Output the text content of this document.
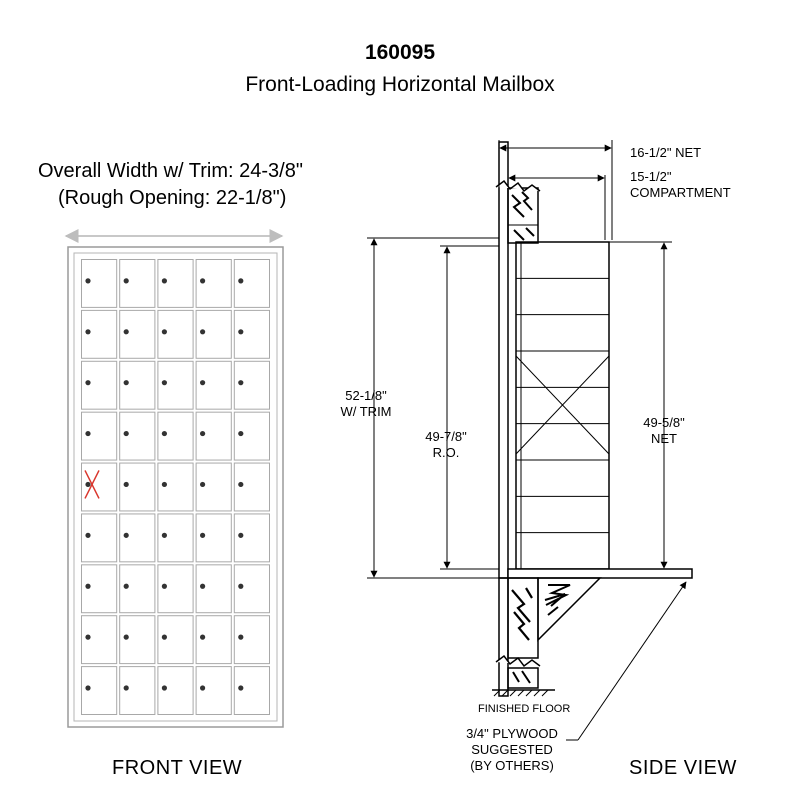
160095
Front-Loading Horizontal Mailbox
Overall Width w/ Trim: 24-3/8"
(Rough Opening: 22-1/8")
FRONT VIEW	SIDE VIEW
16-1/2" NET
15-1/2"
COMPARTMENT
52-1/8"
W/ TRIM
49-7/8"
R.O.
49-5/8"
NET
FINISHED FLOOR
3/4" PLYWOOD
SUGGESTED
(BY OTHERS)
